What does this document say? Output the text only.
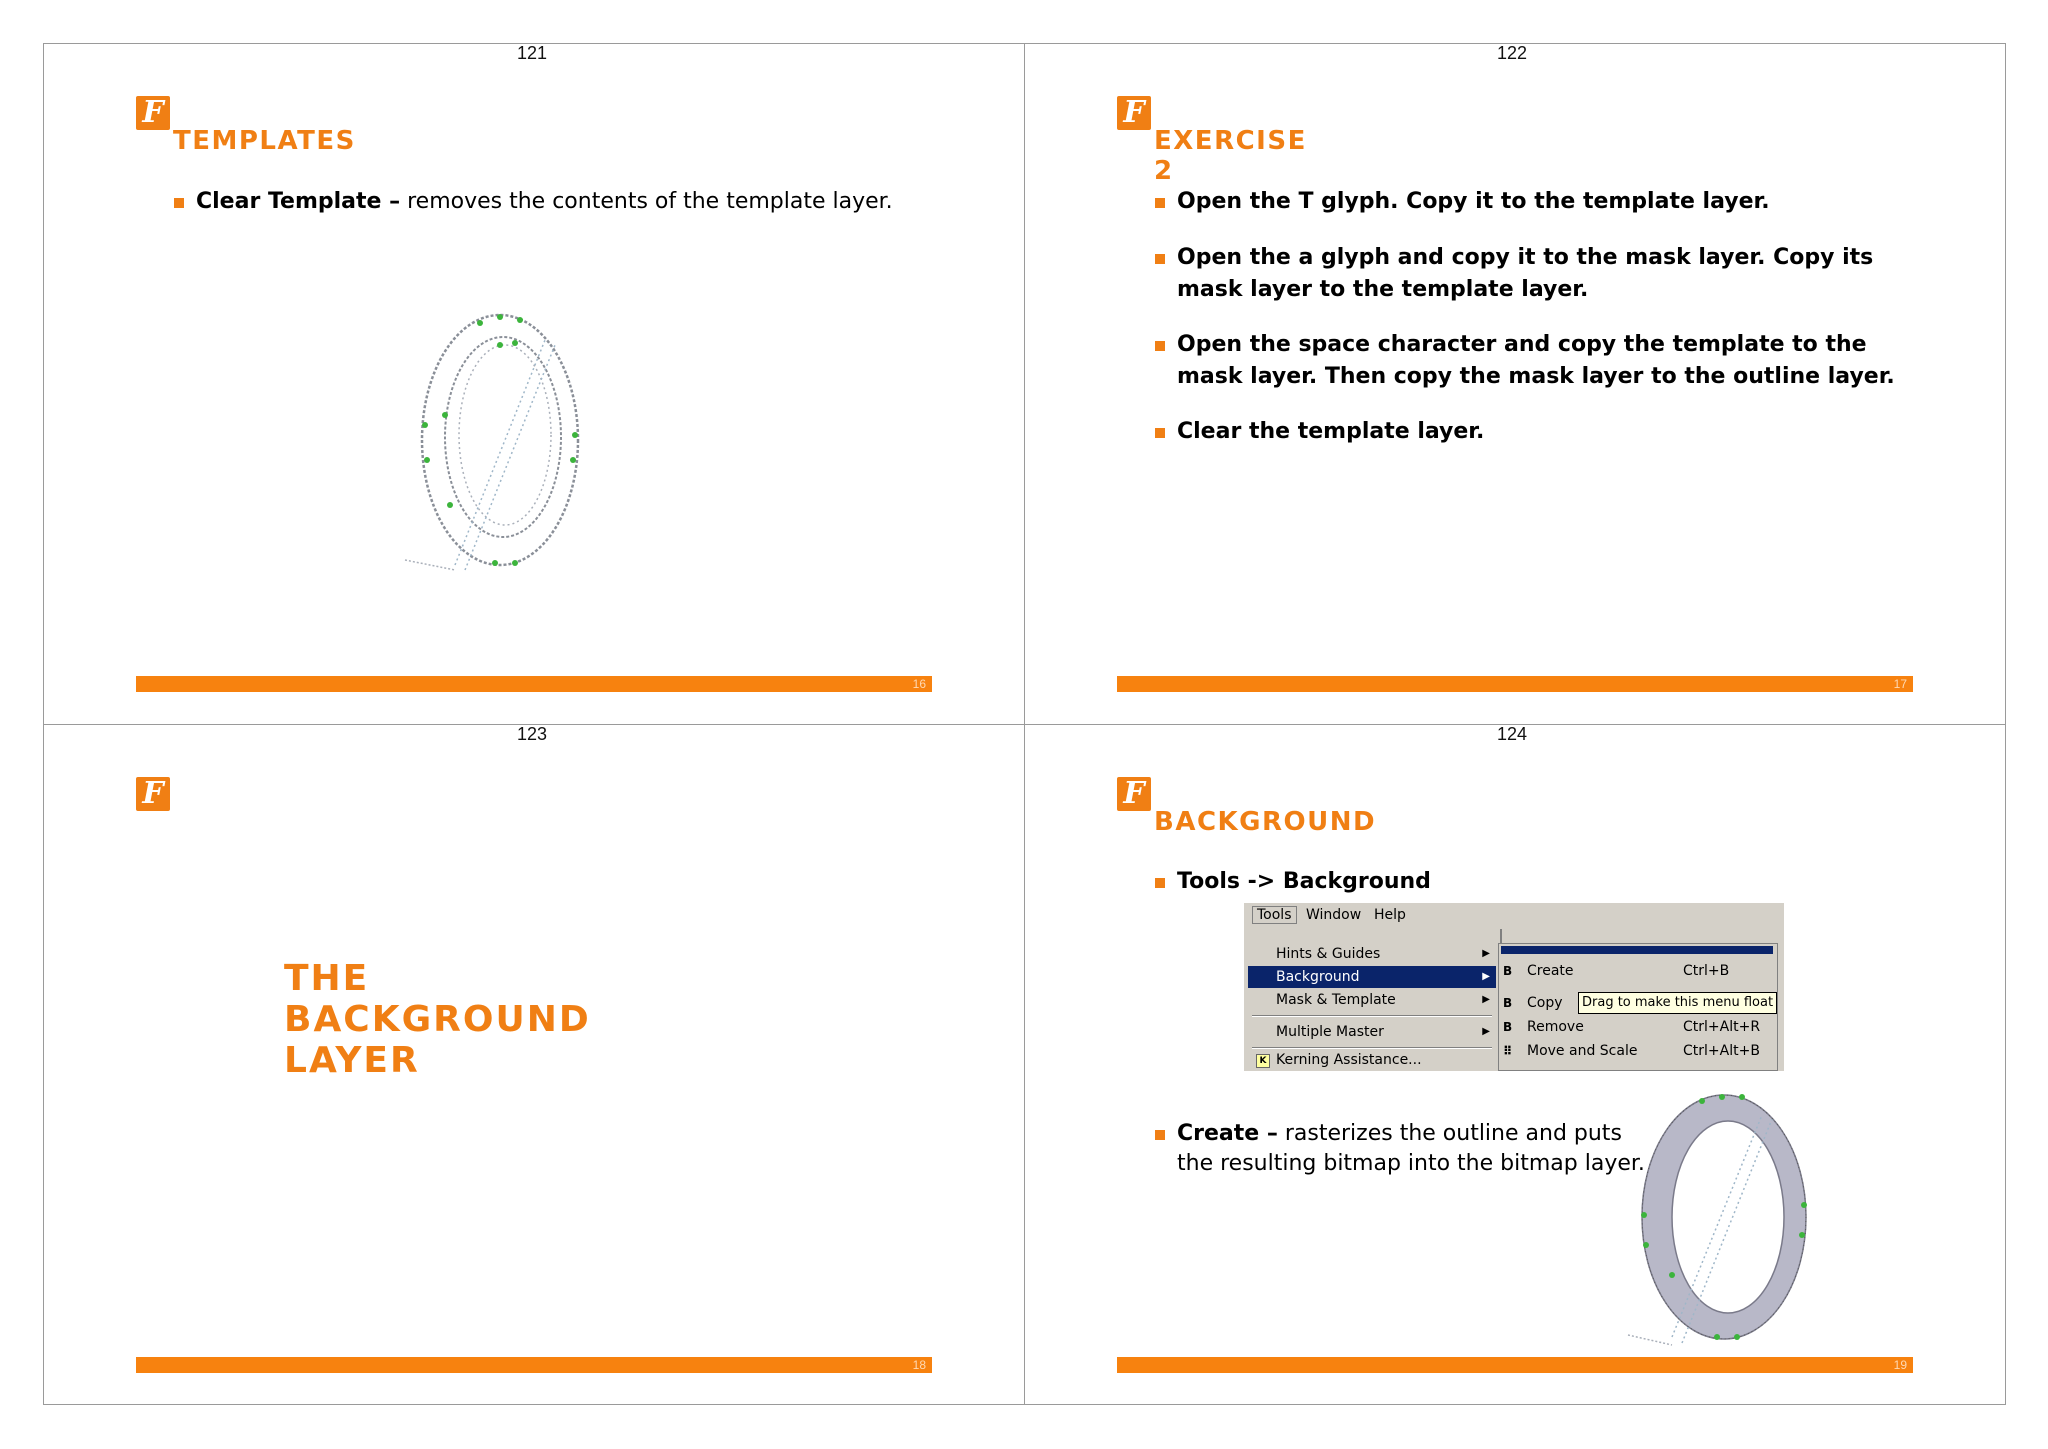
121	122
123	124
F
TEMPLATES
Clear Template – removes the contents of the template layer.
16
F
EXERCISE 2
Open the T glyph. Copy it to the template layer.
Open the a glyph and copy it to the mask layer. Copy its
mask layer to the template layer.
Open the space character and copy the template to the
mask layer. Then copy the mask layer to the outline layer.
Clear the template layer.
17
F
THE BACKGROUND LAYER
18
F
BACKGROUND
Tools -> Background
Tools	Window Help
Hints & Guides	▶
Background	▶
Mask & Template	▶
Multiple Master	▶
K Kerning Assistance...
B Create	Ctrl+B
B Copy
B Remove	Ctrl+Alt+R
⠿ Move and Scale	Ctrl+Alt+B
Drag to make this menu float
Create – rasterizes the outline and puts
the resulting bitmap into the bitmap layer.
19
